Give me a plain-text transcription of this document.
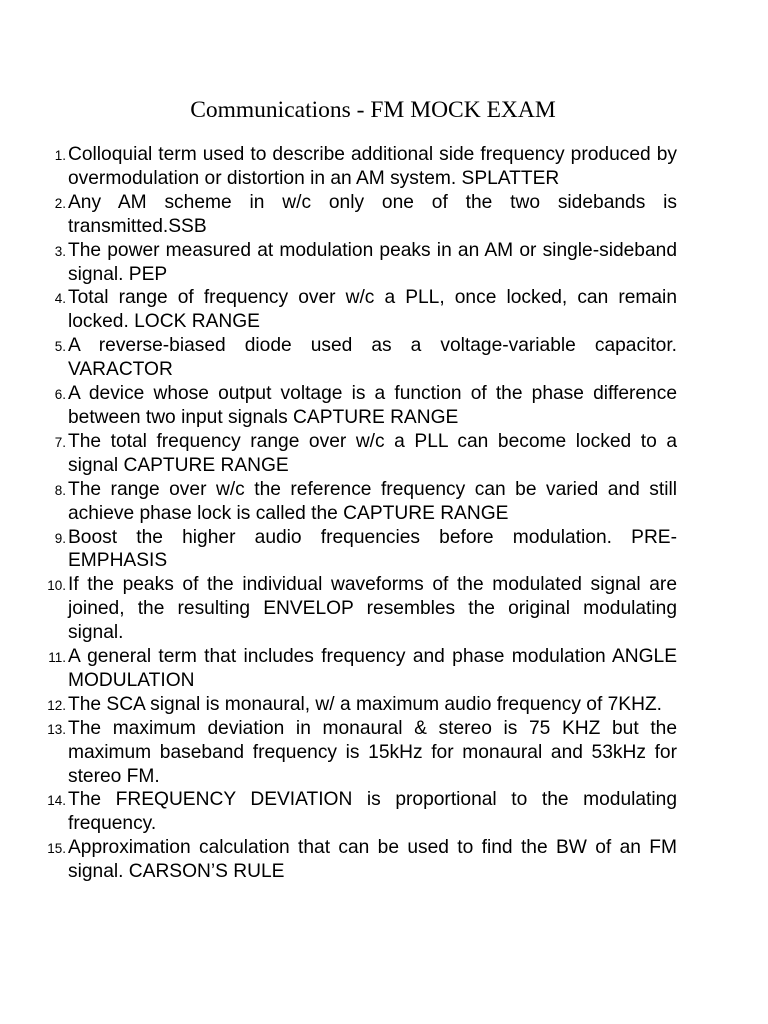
Communications - FM MOCK EXAM
1. Colloquial term used to describe additional side frequency produced by overmodulation or distortion in an AM system. SPLATTER
2. Any AM scheme in w/c only one of the two sidebands is transmitted.SSB
3. The power measured at modulation peaks in an AM or single-sideband signal. PEP
4. Total range of frequency over w/c a PLL, once locked, can remain locked. LOCK RANGE
5. A reverse-biased diode used as a voltage-variable capacitor. VARACTOR
6. A device whose output voltage is a function of the phase difference between two input signals CAPTURE RANGE
7. The total frequency range over w/c a PLL can become locked to a signal CAPTURE RANGE
8. The range over w/c the reference frequency can be varied and still achieve phase lock is called the CAPTURE RANGE
9. Boost the higher audio frequencies before modulation. PRE-EMPHASIS
10. If the peaks of the individual waveforms of the modulated signal are joined, the resulting ENVELOP resembles the original modulating signal.
11. A general term that includes frequency and phase modulation ANGLE MODULATION
12. The SCA signal is monaural, w/ a maximum audio frequency of 7KHZ.
13. The maximum deviation in monaural & stereo is 75 KHZ but the maximum baseband frequency is 15kHz for monaural and 53kHz for stereo FM.
14. The FREQUENCY DEVIATION is proportional to the modulating frequency.
15. Approximation calculation that can be used to find the BW of an FM signal. CARSON’S RULE
